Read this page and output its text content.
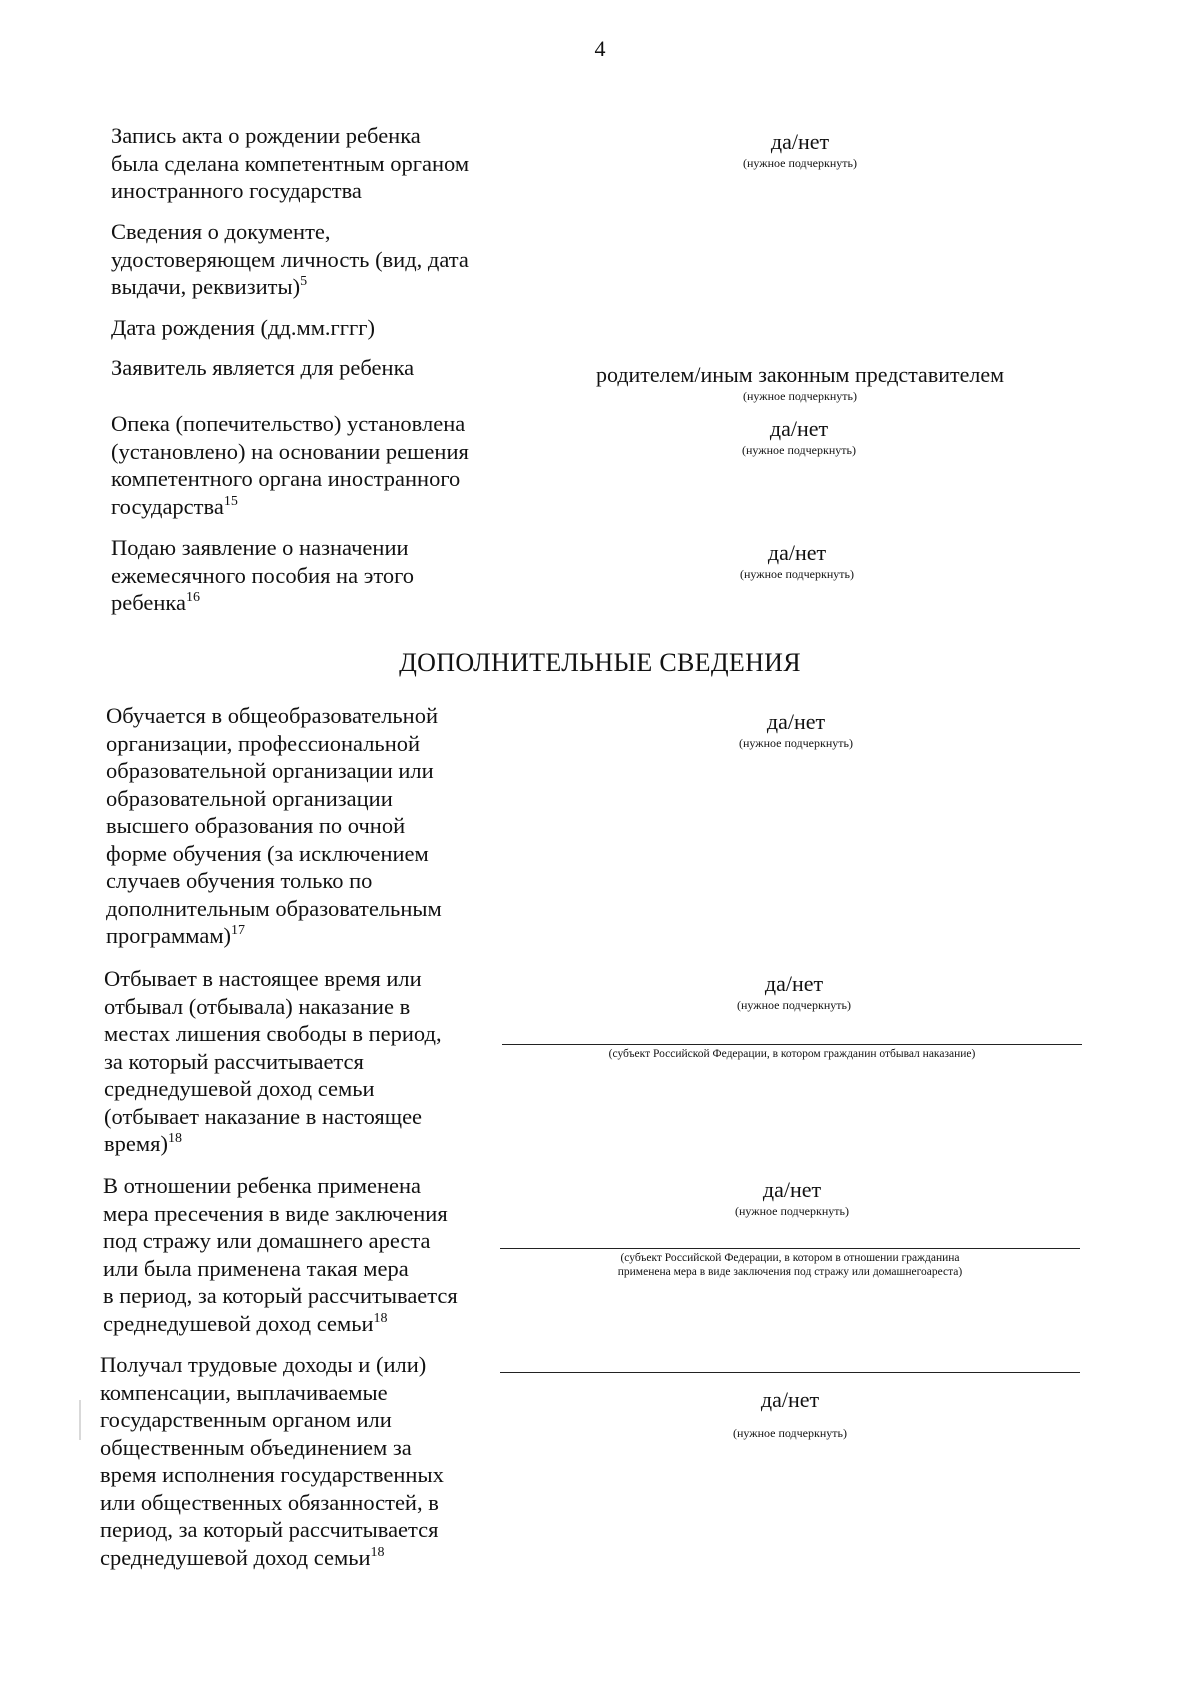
4
Запись акта о рождении ребенка
была сделана компетентным органом
иностранного государства
да/нет
(нужное подчеркнуть)
Сведения о документе,
удостоверяющем личность (вид, дата
выдачи, реквизиты)$^5$
Дата рождения (дд.мм.гггг)
Заявитель является для ребенка	родителем/иным законным представителем
(нужное подчеркнуть)
Опека (попечительство) установлена
(установлено) на основании решения
компетентного органа иностранного
государства$^{15}$
да/нет
(нужное подчеркнуть)
Подаю заявление о назначении
ежемесячного пособия на этого
ребенка$^{16}$
да/нет
(нужное подчеркнуть)
ДОПОЛНИТЕЛЬНЫЕ СВЕДЕНИЯ
Обучается в общеобразовательной
организации, профессиональной
образовательной организации или
образовательной организации
высшего образования по очной
форме обучения (за исключением
случаев обучения только по
дополнительным образовательным
программам)$^{17}$
да/нет
(нужное подчеркнуть)
Отбывает в настоящее время или
отбывал (отбывала) наказание в
местах лишения свободы в период,
за который рассчитывается
среднедушевой доход семьи
(отбывает наказание в настоящее
время)$^{18}$
да/нет
(нужное подчеркнуть)
(субъект Российской Федерации, в котором гражданин отбывал наказание)
В отношении ребенка применена
мера пресечения в виде заключения
под стражу или домашнего ареста
или была применена такая мера
в период, за который рассчитывается
среднедушевой доход семьи$^{18}$
да/нет
(нужное подчеркнуть)
(субъект Российской Федерации, в котором в отношении гражданина
применена мера в виде заключения под стражу или домашнегоареста)
Получал трудовые доходы и (или)
компенсации, выплачиваемые
государственным органом или
общественным объединением за
время исполнения государственных
или общественных обязанностей, в
период, за который рассчитывается
среднедушевой доход семьи$^{18}$
да/нет
(нужное подчеркнуть)
